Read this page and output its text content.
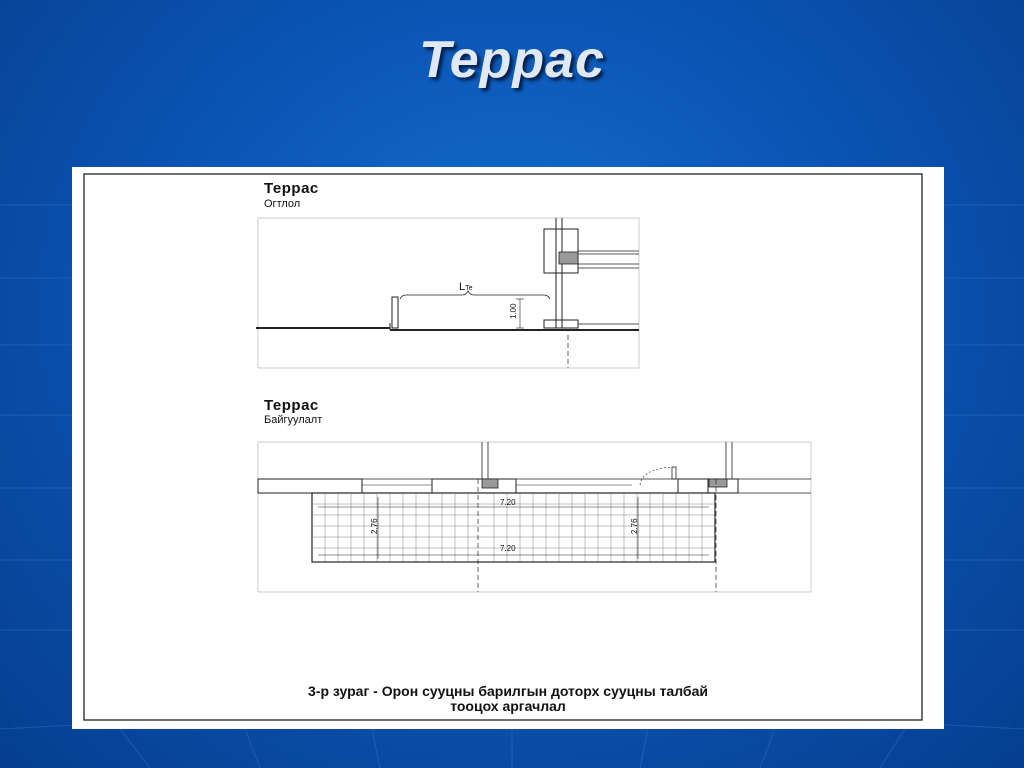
Террас
Террас
Огтлол
LTe
1.00
Террас
Байгуулалт
7.20
7.20
2.76	2.76
3-р зураг - Орон сууцны барилгын доторх сууцны талбай
тооцох аргачлал
